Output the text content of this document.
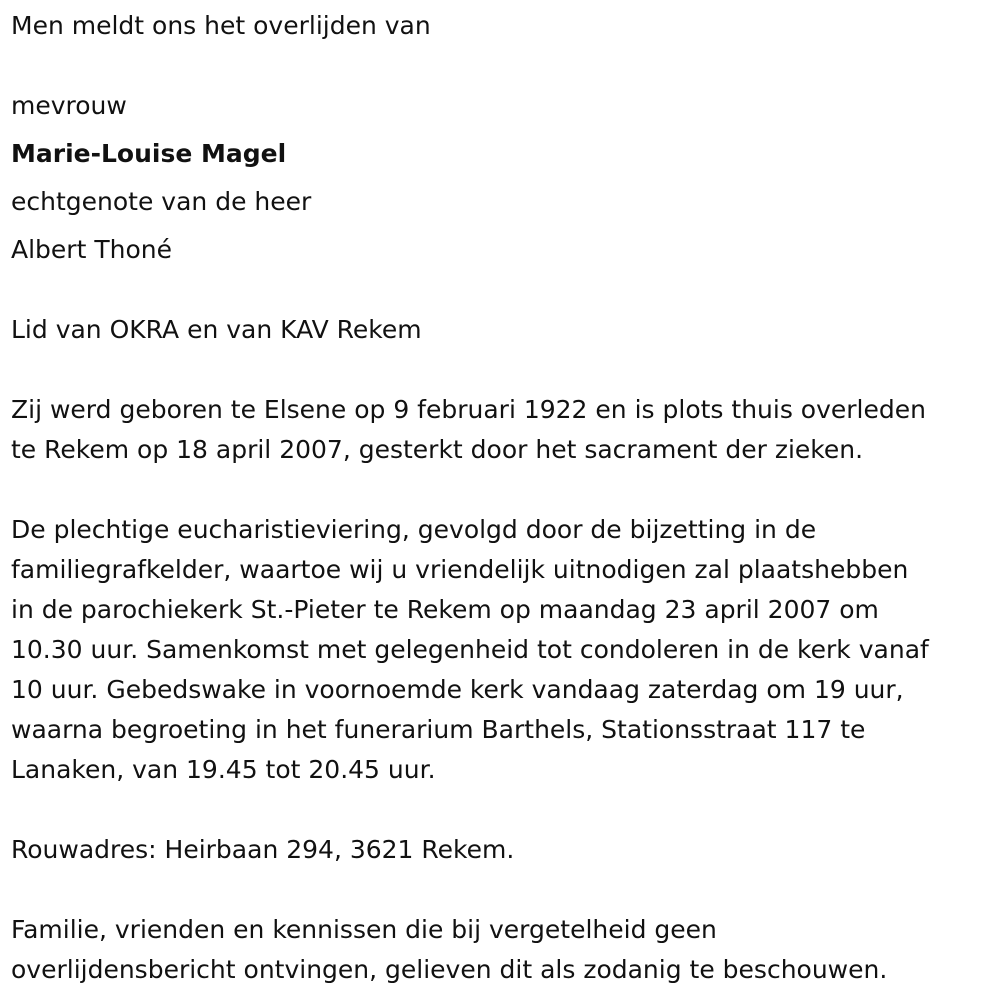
Men meldt ons het overlijden van
mevrouw
Marie-Louise Magel
echtgenote van de heer
Albert Thoné
Lid van OKRA en van KAV Rekem
Zij werd geboren te Elsene op 9 februari 1922 en is plots thuis overleden
te Rekem op 18 april 2007, gesterkt door het sacrament der zieken.
De plechtige eucharistieviering, gevolgd door de bijzetting in de
familiegrafkelder, waartoe wij u vriendelijk uitnodigen zal plaatshebben
in de parochiekerk St.-Pieter te Rekem op maandag 23 april 2007 om
10.30 uur. Samenkomst met gelegenheid tot condoleren in de kerk vanaf
10 uur. Gebedswake in voornoemde kerk vandaag zaterdag om 19 uur,
waarna begroeting in het funerarium Barthels, Stationsstraat 117 te
Lanaken, van 19.45 tot 20.45 uur.
Rouwadres: Heirbaan 294, 3621 Rekem.
Familie, vrienden en kennissen die bij vergetelheid geen
overlijdensbericht ontvingen, gelieven dit als zodanig te beschouwen.
